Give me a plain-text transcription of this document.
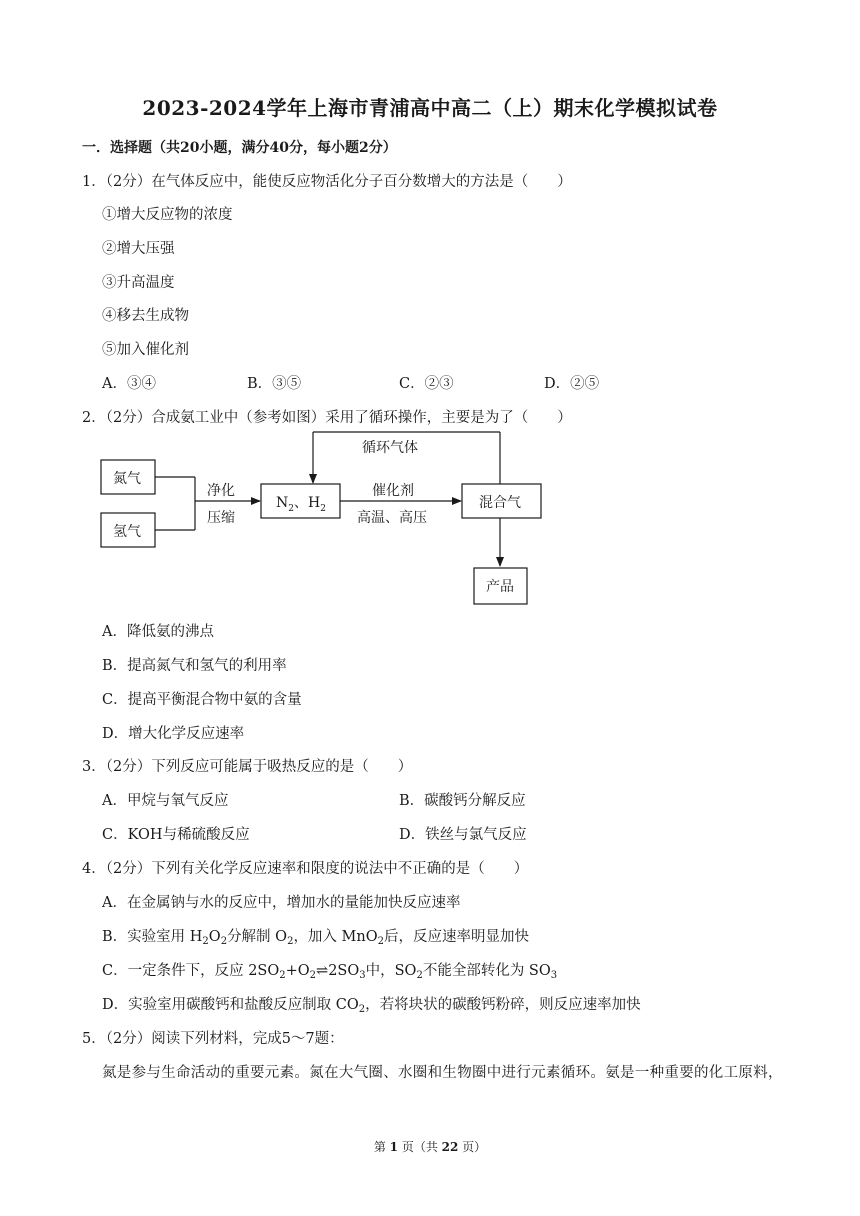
2023-2024学年上海市青浦高中高二（上）期末化学模拟试卷
一．选择题（共20小题，满分40分，每小题2分）
1．（2分）在气体反应中，能使反应物活化分子百分数增大的方法是（　　）
①增大反应物的浓度
②增大压强
③升高温度
④移去生成物
⑤加入催化剂
A．③④	B．③⑤	C．②③	D．②⑤
2．（2分）合成氨工业中（参考如图）采用了循环操作，主要是为了（　　）
氮气
氢气
净化
压缩
$N_2$、$H_2$
循环气体
催化剂
高温、高压
混合气
产品
A．降低氨的沸点
B．提高氮气和氢气的利用率
C．提高平衡混合物中氨的含量
D．增大化学反应速率
3．（2分）下列反应可能属于吸热反应的是（　　）
A．甲烷与氧气反应	B．碳酸钙分解反应
C．KOH与稀硫酸反应	D．铁丝与氯气反应
4．（2分）下列有关化学反应速率和限度的说法中不正确的是（　　）
A．在金属钠与水的反应中，增加水的量能加快反应速率
B．实验室用 $H_2O_2$分解制 $O_2$，加入 MnO$_2$后，反应速率明显加快
C．一定条件下，反应 $2SO_2+O_2\rightleftharpoons 2SO_3$中，$SO_2$不能全部转化为 $SO_3$
D．实验室用碳酸钙和盐酸反应制取 $CO_2$，若将块状的碳酸钙粉碎，则反应速率加快
5．（2分）阅读下列材料，完成5～7题：
氮是参与生命活动的重要元素。氮在大气圈、水圈和生物圈中进行元素循环。氨是一种重要的化工原料，
第 1 页（共 22 页）
